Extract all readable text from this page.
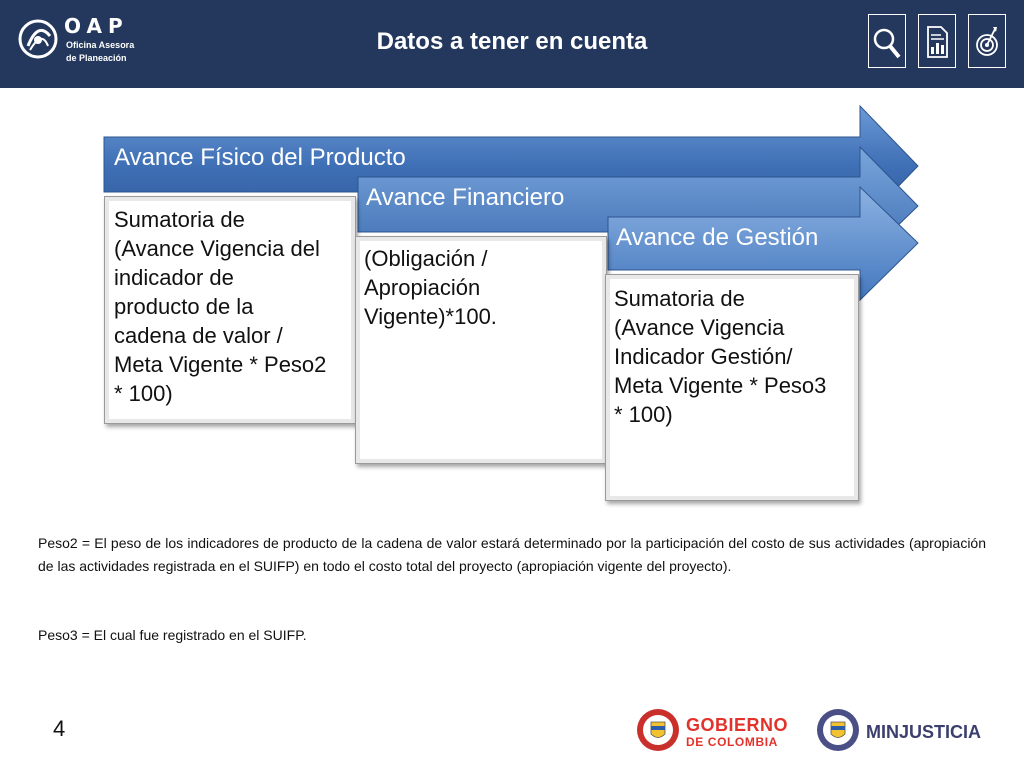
OAP
Oficina Asesora
de Planeación
Datos a tener en cuenta
Avance Físico del Producto
Avance Financiero
Avance de Gestión
Sumatoria de
(Avance Vigencia del
indicador de
producto de la
cadena de valor /
Meta Vigente * Peso2
* 100)
(Obligación /
Apropiación
Vigente)*100.
Sumatoria de
(Avance Vigencia
Indicador Gestión/
Meta Vigente * Peso3
* 100)
Peso2 = El peso de los indicadores de producto de la cadena de valor estará determinado por la participación del costo de sus actividades (apropiación de las actividades registrada en el SUIFP) en todo el costo total del proyecto (apropiación vigente del proyecto).
Peso3 = El cual fue registrado en el SUIFP.
4	GOBIERNO
DE COLOMBIA	MINJUSTICIA
